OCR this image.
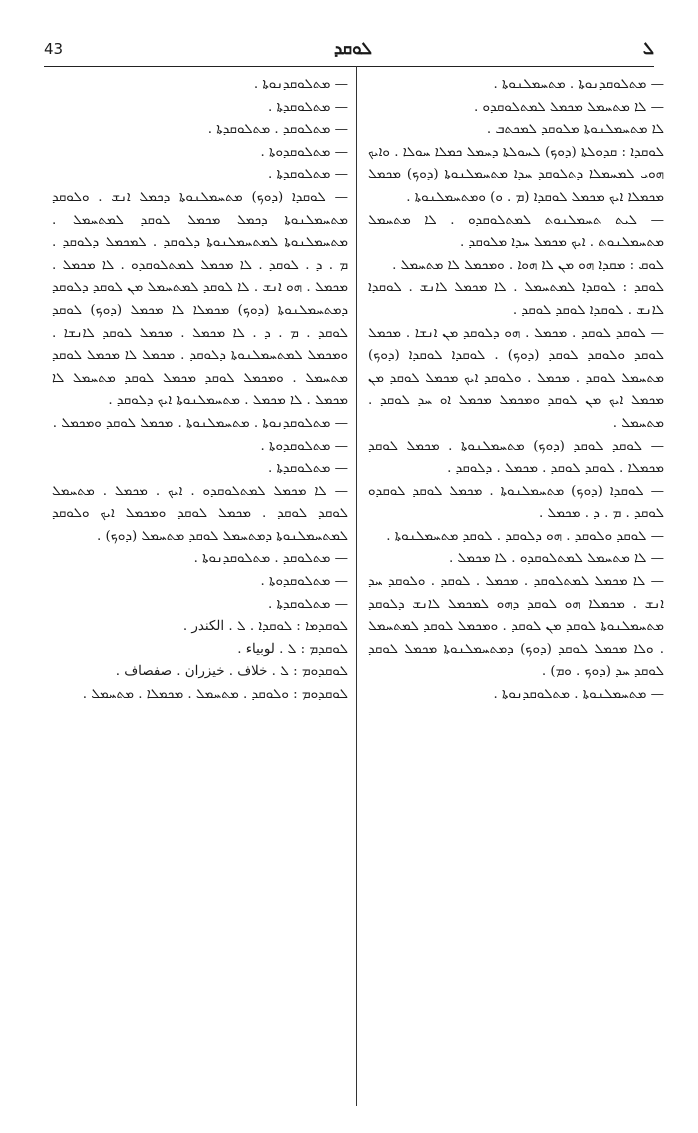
43	ܠܘܩܕ	ܠ
— ܡܬܠܘܩܕܢܘܬܐ . ܡܬܚܡܠܢܘܬܐ .
— ܠܐ ܡܬܚܡܠ ܡܟܡܠ ܠܡܬܠܘܩܕܘ .
ܠܐ ܡܬܚܡܠܢܘܬܐ ܡܠܘܩܕ ܠܡܟܬܒ .
ܠܘܩܕܐ : ܩܕܘܠܬܐ (ܕܘܟ) ܠܚܘܠܬܐ ܕܚܡܠ ܟܡܠܐ ܚܘܠܐ . ܘܐܝܟ ܗܘܝ ܠܡܚܡܠܐ ܕܬܠܘܩܕ ܚܕܐ ܡܬܚܡܠܢܘܬܐ (ܕܘܟ) ܡܟܡܠ ܡܟܡܠܐ ܐܝܟ ܡܟܡܠ ܠܘܩܕܐ (ܡ . ܘ) ܘܡܬܚܡܠܢܘܬܐ .
— ܠܝܬ ܬܚܡܠܢܘܬ ܠܡܬܠܘܩܕܘ . ܠܐ ܡܬܚܡܠ ܡܬܚܡܠܢܘܬ . ܐܝܟ ܡܟܡܠ ܚܕܐ ܡܠܘܩܕ .
ܠܘܩ : ܡܩܕܐ ܗܘ ܡܢ ܠܐ ܗܘܐ . ܘܡܟܡܠ ܠܐ ܡܬܚܡܠ .
ܠܘܩܕ : ܠܘܩܕܐ ܠܡܬܚܡܠ . ܠܐ ܡܟܡܠ ܠܐܢܫ . ܠܘܩܕܐ ܠܐܢܫ . ܠܘܩܕܐ ܠܘܩܕ ܠܘܩܕ .
— ܠܘܩܕ ܠܘܩܕ . ܡܟܡܠ . ܗܘ ܕܠܘܩܕ ܡܢ ܐܢܫܐ . ܡܟܡܠ ܠܘܩܕ ܘܠܘܩܕ ܠܘܩܕ (ܕܘܟ) . ܠܘܩܕܐ ܠܘܩܕܐ (ܕܘܟ) ܡܬܚܡܠ ܠܘܩܕ . ܡܟܡܠ . ܘܠܘܩܕ ܐܝܟ ܡܟܡܠ ܠܘܩܕ ܡܢ ܡܟܡܠ ܐܝܟ ܡܢ ܠܘܩܕ ܘܡܟܡܠ ܡܟܡܠ ܐܘ ܚܕ ܠܘܩܕ . ܡܬܚܡܠ .
— ܠܘܩܕ ܠܘܩܕ (ܕܘܟ) ܡܬܚܡܠܢܘܬܐ . ܡܟܡܠ ܠܘܩܕ ܡܟܡܠܐ . ܠܘܩܕ ܠܘܩܕ . ܡܟܡܠ . ܕܠܘܩܕ .
— ܠܘܩܕܐ (ܕܘܟ) ܡܬܚܡܠܢܘܬܐ . ܡܟܡܠ ܠܘܩܕ ܠܘܩܕܘ ܠܘܩܕ . ܡ . ܕ . ܡܟܡܠ .
— ܠܘܩܕ ܘܠܘܩܕ . ܗܘ ܕܠܘܩܕ . ܠܘܩܕ ܡܬܚܡܠܢܘܬܐ .
— ܠܐ ܡܬܚܡܠ ܠܡܬܠܘܩܕܘ . ܠܐ ܡܟܡܠ .
— ܠܐ ܡܟܡܠ ܠܡܬܠܘܩܕ . ܡܟܡܠ . ܠܘܩܕ . ܘܠܘܩܕ ܚܕ ܐܢܫ . ܡܟܡܠܐ ܗܘ ܠܘܩܕ ܕܗܘ ܠܡܟܡܠ ܠܐܢܫ ܕܠܘܩܕ ܡܬܚܡܠܢܘܬܐ ܠܘܩܕ ܡܢ ܠܘܩܕ . ܘܡܟܡܠ ܠܘܩܕ ܠܡܬܚܡܠ . ܘܠܐ ܡܟܡܠ ܠܘܩܕ (ܕܘܟ) ܕܡܬܚܡܠܢܘܬܐ ܡܟܡܠ ܠܘܩܕ ܠܘܩܕ ܚܕ (ܕܘܟ . ܘܡ) .
— ܡܬܚܡܠܢܘܬܐ . ܡܬܠܘܩܕܢܘܬܐ .
— ܡܬܠܘܩܕܢܘܬܐ .
— ܡܬܠܘܩܕܬܐ .
— ܡܬܠܘܩܕ . ܡܬܠܘܩܕܬܐ .
— ܡܬܠܘܩܕܘܬܐ .
— ܡܬܠܘܩܕܬܐ .
— ܠܘܩܕܐ (ܕܘܟ) ܡܬܚܡܠܢܘܬܐ ܕܟܡܠ ܐܢܫ . ܘܠܘܩܕ ܡܬܚܡܠܢܘܬܐ ܕܟܡܠ ܡܟܡܠ ܠܘܩܕ ܠܡܬܚܡܠ . ܡܬܚܡܠܢܘܬܐ ܠܡܬܚܡܠܢܘܬܐ ܕܠܘܩܕ . ܠܡܟܡܠ ܕܠܘܩܕ . ܡ . ܕ . ܠܘܩܕ . ܠܐ ܡܟܡܠ ܠܡܬܠܘܩܕܘ . ܠܐ ܡܟܡܠ . ܡܟܡܠ . ܗܘ ܐܢܫ . ܠܐ ܠܘܩܕ ܠܡܬܚܡܠ ܡܢ ܠܘܩܕ ܕܠܘܩܕ ܕܡܬܚܡܠܢܘܬܐ (ܕܘܟ) ܡܟܡܠܐ ܠܐ ܡܟܡܠ (ܕܘܟ) ܠܘܩܕ ܠܘܩܕ . ܡ . ܕ . ܠܐ ܡܟܡܠ . ܡܟܡܠ ܠܘܩܕ ܠܐܢܫܐ . ܘܡܟܡܠ ܠܡܬܚܡܠܢܘܬܐ ܕܠܘܩܕ . ܡܟܡܠ ܠܐ ܡܟܡܠ ܠܘܩܕ ܡܬܚܡܠ . ܘܡܟܡܠ ܠܘܩܕ ܡܟܡܠ ܠܘܩܕ ܡܬܚܡܠ ܠܐ ܡܟܡܠ . ܠܐ ܡܟܡܠ . ܡܬܚܡܠܢܘܬܐ ܐܝܟ ܕܠܘܩܕ .
— ܡܬܠܘܩܕܢܘܬܐ . ܡܬܚܡܠܢܘܬܐ . ܡܟܡܠ ܠܘܩܕ ܘܡܟܡܠ .
— ܡܬܠܘܩܕܘܬܐ .
— ܡܬܠܘܩܕܬܐ .
— ܠܐ ܡܟܡܠ ܠܡܬܠܘܩܕܘ . ܐܝܟ . ܡܟܡܠ . ܡܬܚܡܠ ܠܘܩܕ ܠܘܩܕ . ܡܟܡܠ ܠܘܩܕ ܘܡܟܡܠ ܐܝܟ ܘܠܘܩܕ ܠܡܬܚܡܠܢܘܬܐ ܕܡܬܚܡܠ ܠܘܩܕ ܡܬܚܡܠ (ܕܘܟ) .
— ܡܬܠܘܩܕ . ܡܬܠܘܩܕܢܘܬܐ .
— ܡܬܠܘܩܕܘܬܐ .
— ܡܬܠܘܩܕܬܐ .
ܠܘܩܕܡܐ : ܠܘܩܕܐ . ܠ . الكندر .
ܠܘܩܕܡ : ܠ . لوبياء .
ܠܘܩܕܘܡ : ܠ . خلاف . خيزران . صفصاف .
ܠܘܩܕܘܡ : ܘܠܘܩܕ . ܡܬܚܡܠ . ܡܟܡܠܐ . ܡܬܚܡܠ .
